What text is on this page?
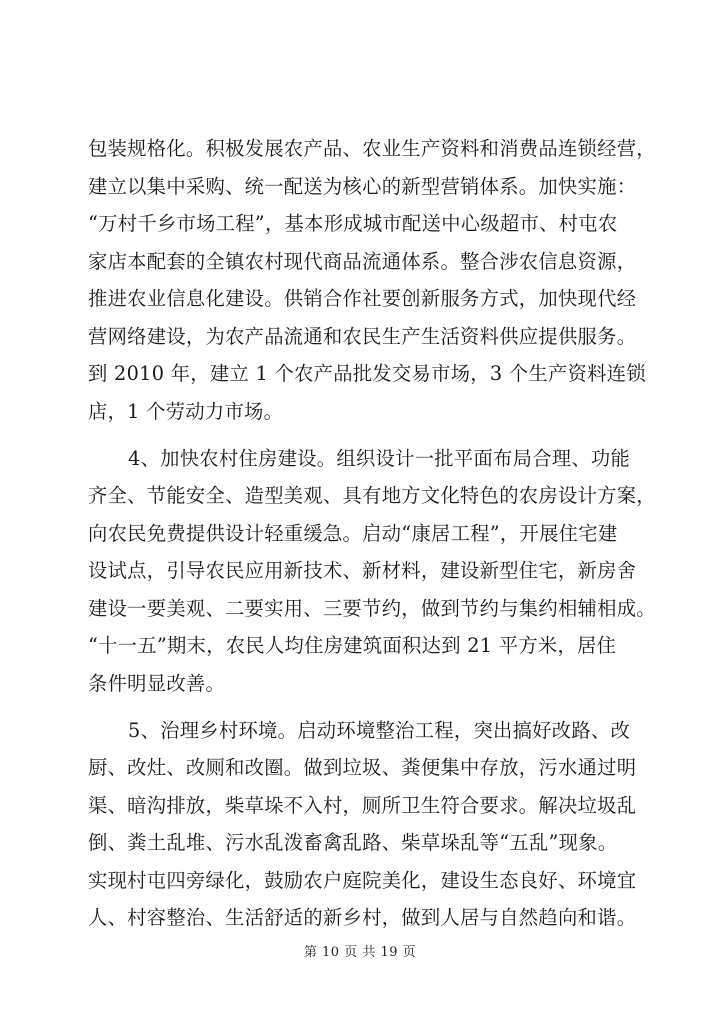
包装规格化。积极发展农产品、农业生产资料和消费品连锁经营，
建立以集中采购、统一配送为核心的新型营销体系。加快实施：
“万村千乡市场工程”，基本形成城市配送中心级超市、村屯农
家店本配套的全镇农村现代商品流通体系。整合涉农信息资源，
推进农业信息化建设。供销合作社要创新服务方式，加快现代经
营网络建设，为农产品流通和农民生产生活资料供应提供服务。
到 2010 年，建立 1 个农产品批发交易市场，3 个生产资料连锁
店，1 个劳动力市场。
4、加快农村住房建设。组织设计一批平面布局合理、功能
齐全、节能安全、造型美观、具有地方文化特色的农房设计方案，
向农民免费提供设计轻重缓急。启动“康居工程”，开展住宅建
设试点，引导农民应用新技术、新材料，建设新型住宅，新房舍
建设一要美观、二要实用、三要节约，做到节约与集约相辅相成。
“十一五”期末，农民人均住房建筑面积达到 21 平方米，居住
条件明显改善。
5、治理乡村环境。启动环境整治工程，突出搞好改路、改
厨、改灶、改厕和改圈。做到垃圾、粪便集中存放，污水通过明
渠、暗沟排放，柴草垛不入村，厕所卫生符合要求。解决垃圾乱
倒、粪土乱堆、污水乱泼畜禽乱路、柴草垛乱等“五乱”现象。
实现村屯四旁绿化，鼓励农户庭院美化，建设生态良好、环境宜
人、村容整治、生活舒适的新乡村，做到人居与自然趋向和谐。
第 10 页 共 19 页
